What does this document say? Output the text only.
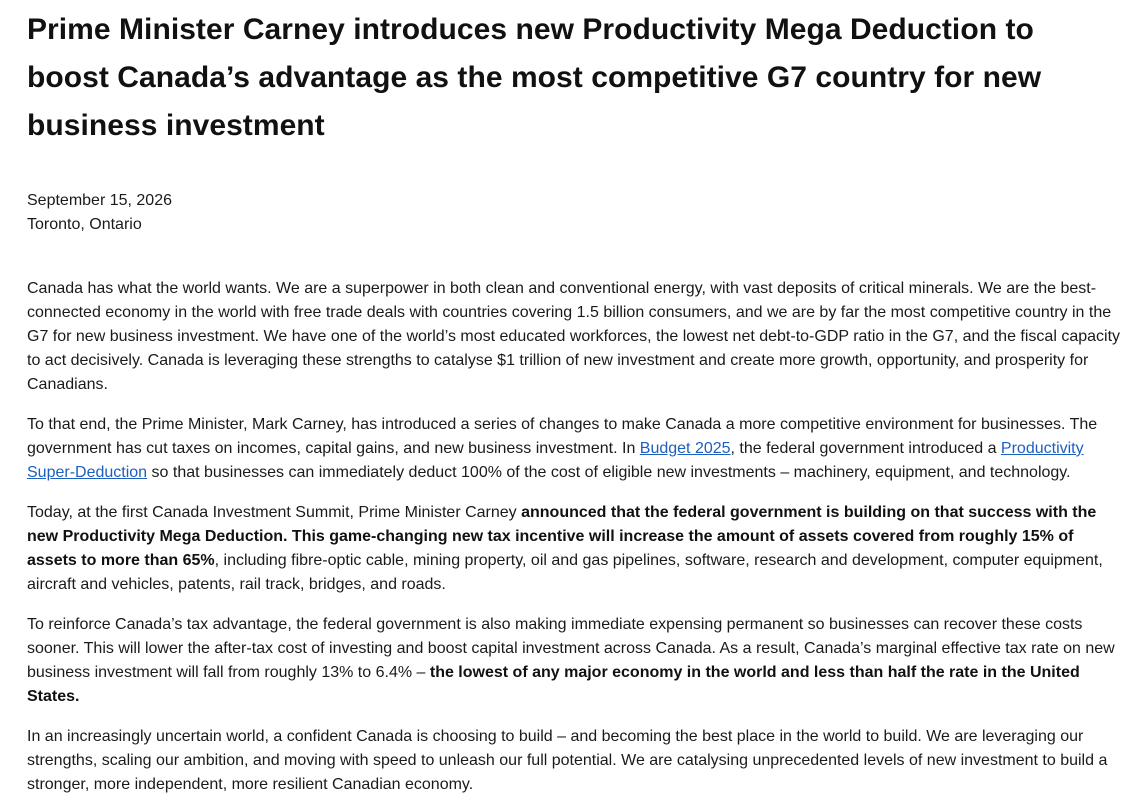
Prime Minister Carney introduces new Productivity Mega Deduction to boost Canada’s advantage as the most competitive G7 country for new business investment
September 15, 2026
Toronto, Ontario

Canada has what the world wants. We are a superpower in both clean and conventional energy, with vast deposits of critical minerals. We are the best-connected economy in the world with free trade deals with countries covering 1.5 billion consumers, and we are by far the most competitive country in the G7 for new business investment. We have one of the world’s most educated workforces, the lowest net debt-to-GDP ratio in the G7, and the fiscal capacity to act decisively. Canada is leveraging these strengths to catalyse $1 trillion of new investment and create more growth, opportunity, and prosperity for Canadians.

To that end, the Prime Minister, Mark Carney, has introduced a series of changes to make Canada a more competitive environment for businesses. The government has cut taxes on incomes, capital gains, and new business investment. In Budget 2025, the federal government introduced a Productivity Super-Deduction so that businesses can immediately deduct 100% of the cost of eligible new investments – machinery, equipment, and technology.

Today, at the first Canada Investment Summit, Prime Minister Carney announced that the federal government is building on that success with the new Productivity Mega Deduction. This game-changing new tax incentive will increase the amount of assets covered from roughly 15% of assets to more than 65%, including fibre-optic cable, mining property, oil and gas pipelines, software, research and development, computer equipment, aircraft and vehicles, patents, rail track, bridges, and roads.

To reinforce Canada’s tax advantage, the federal government is also making immediate expensing permanent so businesses can recover these costs sooner. This will lower the after-tax cost of investing and boost capital investment across Canada. As a result, Canada’s marginal effective tax rate on new business investment will fall from roughly 13% to 6.4% – the lowest of any major economy in the world and less than half the rate in the United States.

In an increasingly uncertain world, a confident Canada is choosing to build – and becoming the best place in the world to build. We are leveraging our strengths, scaling our ambition, and moving with speed to unleash our full potential. We are catalysing unprecedented levels of new investment to build a stronger, more independent, more resilient Canadian economy.
